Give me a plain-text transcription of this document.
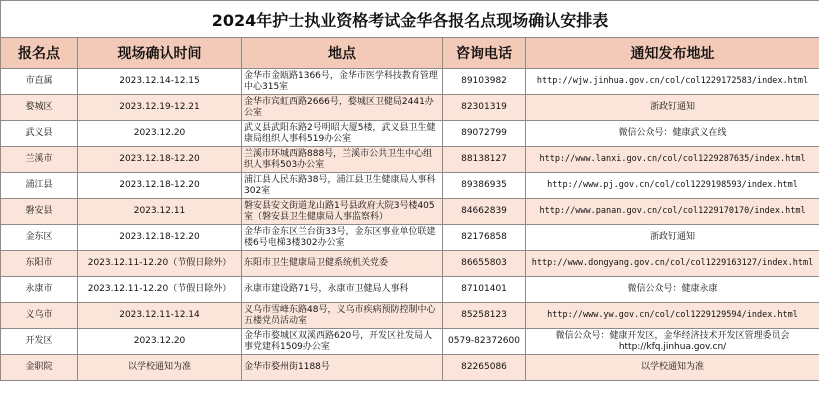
2024年护士执业资格考试金华各报名点现场确认安排表				
报名点	现场确认时间	地点	咨询电话	通知发布地址
市直属	2023.12.14-12.15	金华市金瓯路1366号，金华市医学科技教育管理中心315室	89103982	http://wjw.jinhua.gov.cn/col/col1229172583/index.html
婺城区	2023.12.19-12.21	金华市宾虹西路2666号，婺城区卫健局2441办公室	82301319	浙政钉通知
武义县	2023.12.20	武义县武阳东路2号明昭大厦5楼，武义县卫生健康局组织人事科519办公室	89072799	微信公众号：健康武义在线
兰溪市	2023.12.18-12.20	兰溪市环城西路888号，兰溪市公共卫生中心组织人事科503办公室	88138127	http://www.lanxi.gov.cn/col/col1229287635/index.html
浦江县	2023.12.18-12.20	浦江县人民东路38号，浦江县卫生健康局人事科302室	89386935	http://www.pj.gov.cn/col/col1229198593/index.html
磐安县	2023.12.11	磐安县安文街道龙山路1号县政府大院3号楼405室（磐安县卫生健康局人事监察科）	84662839	http://www.panan.gov.cn/col/col1229170170/index.html
金东区	2023.12.18-12.20	金华市金东区兰台街33号，金东区事业单位联建楼6号电梯3楼302办公室	82176858	浙政钉通知
东阳市	2023.12.11-12.20（节假日除外）	东阳市卫生健康局卫健系统机关党委	86655803	http://www.dongyang.gov.cn/col/col1229163127/index.html
永康市	2023.12.11-12.20（节假日除外）	永康市建设路71号，永康市卫健局人事科	87101401	微信公众号：健康永康
义乌市	2023.12.11-12.14	义乌市雪峰东路48号，义乌市疾病预防控制中心五楼党员活动室	85258123	http://www.yw.gov.cn/col/col1229129594/index.html
开发区	2023.12.20	金华市婺城区双溪西路620号，开发区社发局人事党建科1509办公室	0579-82372600	微信公众号：健康开发区，金华经济技术开发区管理委员会 http://kfq.jinhua.gov.cn/
金职院	以学校通知为准	金华市婺州街1188号	82265086	以学校通知为准
